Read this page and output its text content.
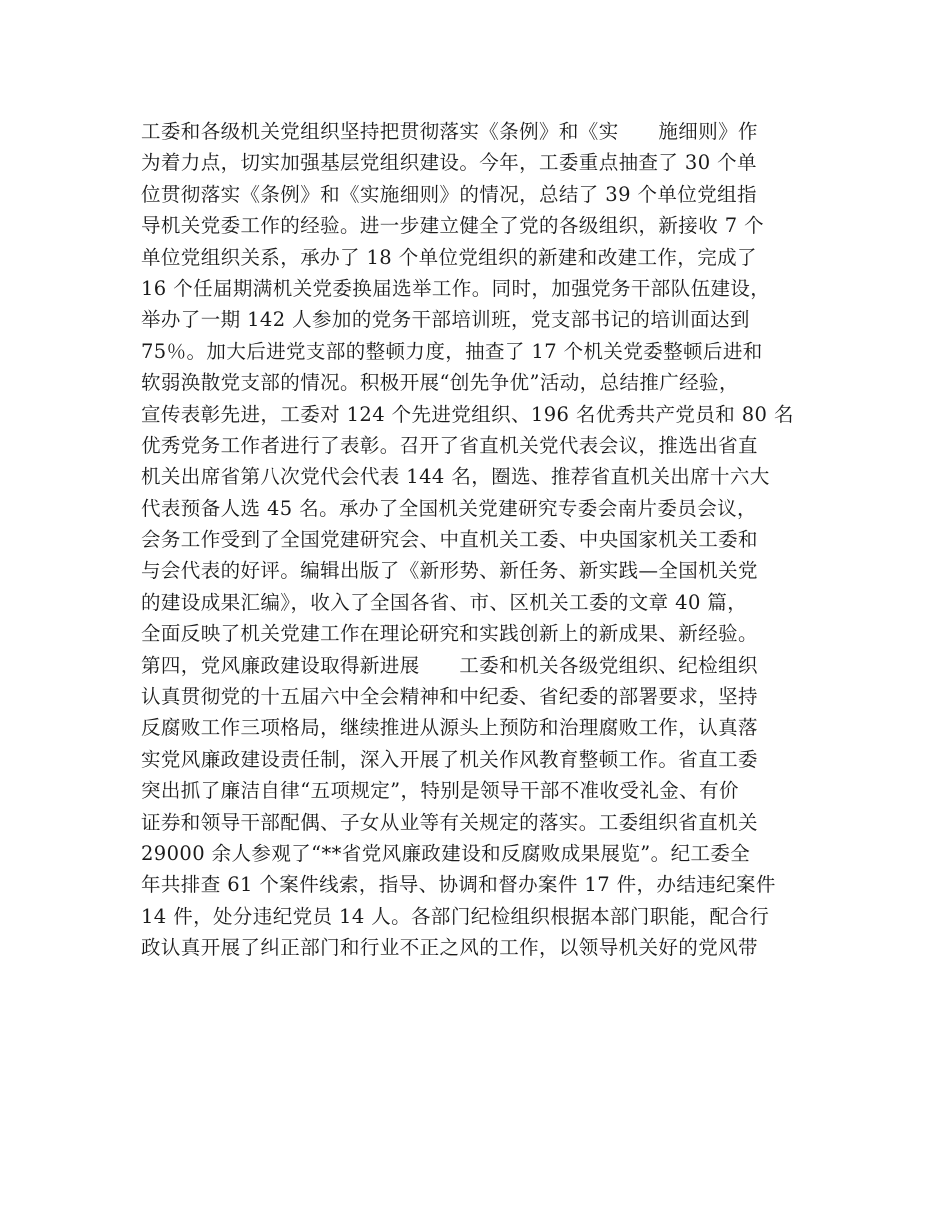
工委和各级机关党组织坚持把贯彻落实《条例》和《实　　施细则》作
为着力点，切实加强基层党组织建设。今年，工委重点抽查了 30 个单
位贯彻落实《条例》和《实施细则》的情况，总结了 39 个单位党组指
导机关党委工作的经验。进一步建立健全了党的各级组织，新接收 7 个
单位党组织关系，承办了 18 个单位党组织的新建和改建工作，完成了
16 个任届期满机关党委换届选举工作。同时，加强党务干部队伍建设，
举办了一期 142 人参加的党务干部培训班，党支部书记的培训面达到
75％。加大后进党支部的整顿力度，抽查了 17 个机关党委整顿后进和
软弱涣散党支部的情况。积极开展“创先争优”活动，总结推广经验，
宣传表彰先进，工委对 124 个先进党组织、196 名优秀共产党员和 80 名
优秀党务工作者进行了表彰。召开了省直机关党代表会议，推选出省直
机关出席省第八次党代会代表 144 名，圈选、推荐省直机关出席十六大
代表预备人选 45 名。承办了全国机关党建研究专委会南片委员会议，
会务工作受到了全国党建研究会、中直机关工委、中央国家机关工委和
与会代表的好评。编辑出版了《新形势、新任务、新实践—全国机关党
的建设成果汇编》，收入了全国各省、市、区机关工委的文章 40 篇，
全面反映了机关党建工作在理论研究和实践创新上的新成果、新经验。
第四，党风廉政建设取得新进展　　工委和机关各级党组织、纪检组织
认真贯彻党的十五届六中全会精神和中纪委、省纪委的部署要求，坚持
反腐败工作三项格局，继续推进从源头上预防和治理腐败工作，认真落
实党风廉政建设责任制，深入开展了机关作风教育整顿工作。省直工委
突出抓了廉洁自律“五项规定”，特别是领导干部不准收受礼金、有价
证券和领导干部配偶、子女从业等有关规定的落实。工委组织省直机关
29000 余人参观了“**省党风廉政建设和反腐败成果展览”。纪工委全
年共排查 61 个案件线索，指导、协调和督办案件 17 件，办结违纪案件
14 件，处分违纪党员 14 人。各部门纪检组织根据本部门职能，配合行
政认真开展了纠正部门和行业不正之风的工作，以领导机关好的党风带
